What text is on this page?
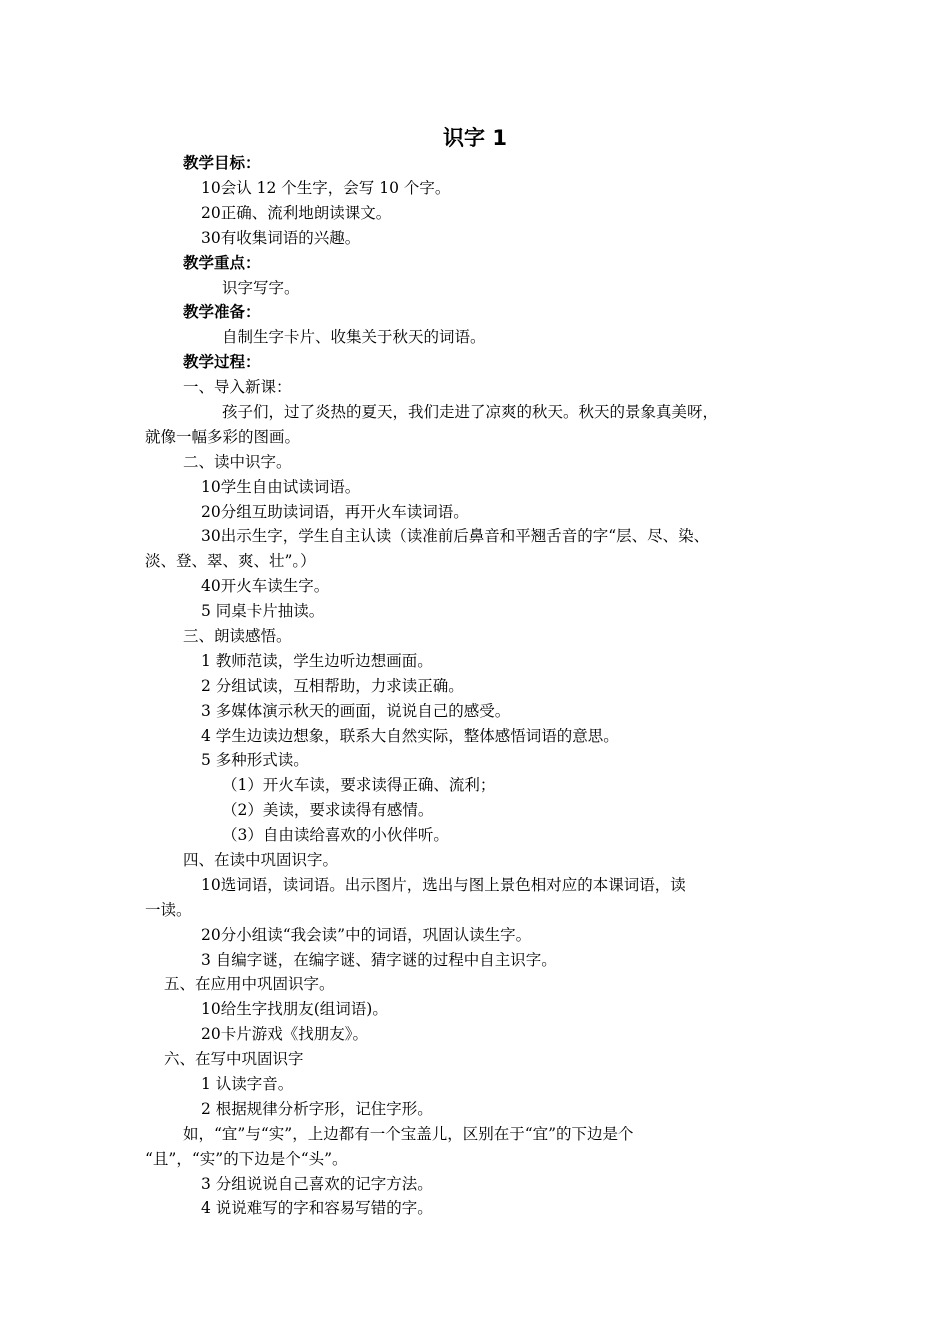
识字 1
教学目标：
10会认 12 个生字，会写 10 个字。
20正确、流利地朗读课文。
30有收集词语的兴趣。
教学重点：
识字写字。
教学准备：
自制生字卡片、收集关于秋天的词语。
教学过程：
一、导入新课：
孩子们，过了炎热的夏天，我们走进了凉爽的秋天。秋天的景象真美呀，
就像一幅多彩的图画。
二、读中识字。
10学生自由试读词语。
20分组互助读词语，再开火车读词语。
30出示生字，学生自主认读（读准前后鼻音和平翘舌音的字“层、尽、染、
淡、登、翠、爽、壮”。）
40开火车读生字。
5 同桌卡片抽读。
三、朗读感悟。
1 教师范读，学生边听边想画面。
2 分组试读，互相帮助，力求读正确。
3 多媒体演示秋天的画面，说说自己的感受。
4 学生边读边想象，联系大自然实际，整体感悟词语的意思。
5 多种形式读。
（1）开火车读，要求读得正确、流利；
（2）美读，要求读得有感情。
（3）自由读给喜欢的小伙伴听。
四、在读中巩固识字。
10选词语，读词语。出示图片，选出与图上景色相对应的本课词语，读
一读。
20分小组读“我会读”中的词语，巩固认读生字。
3 自编字谜，在编字谜、猜字谜的过程中自主识字。
五、在应用中巩固识字。
10给生字找朋友(组词语)。
20卡片游戏《找朋友》。
六、在写中巩固识字
1 认读字音。
2 根据规律分析字形，记住字形。
如，“宜”与“实”，上边都有一个宝盖儿，区别在于“宜”的下边是个
“且”，“实”的下边是个“头”。
3 分组说说自己喜欢的记字方法。
4 说说难写的字和容易写错的字。
